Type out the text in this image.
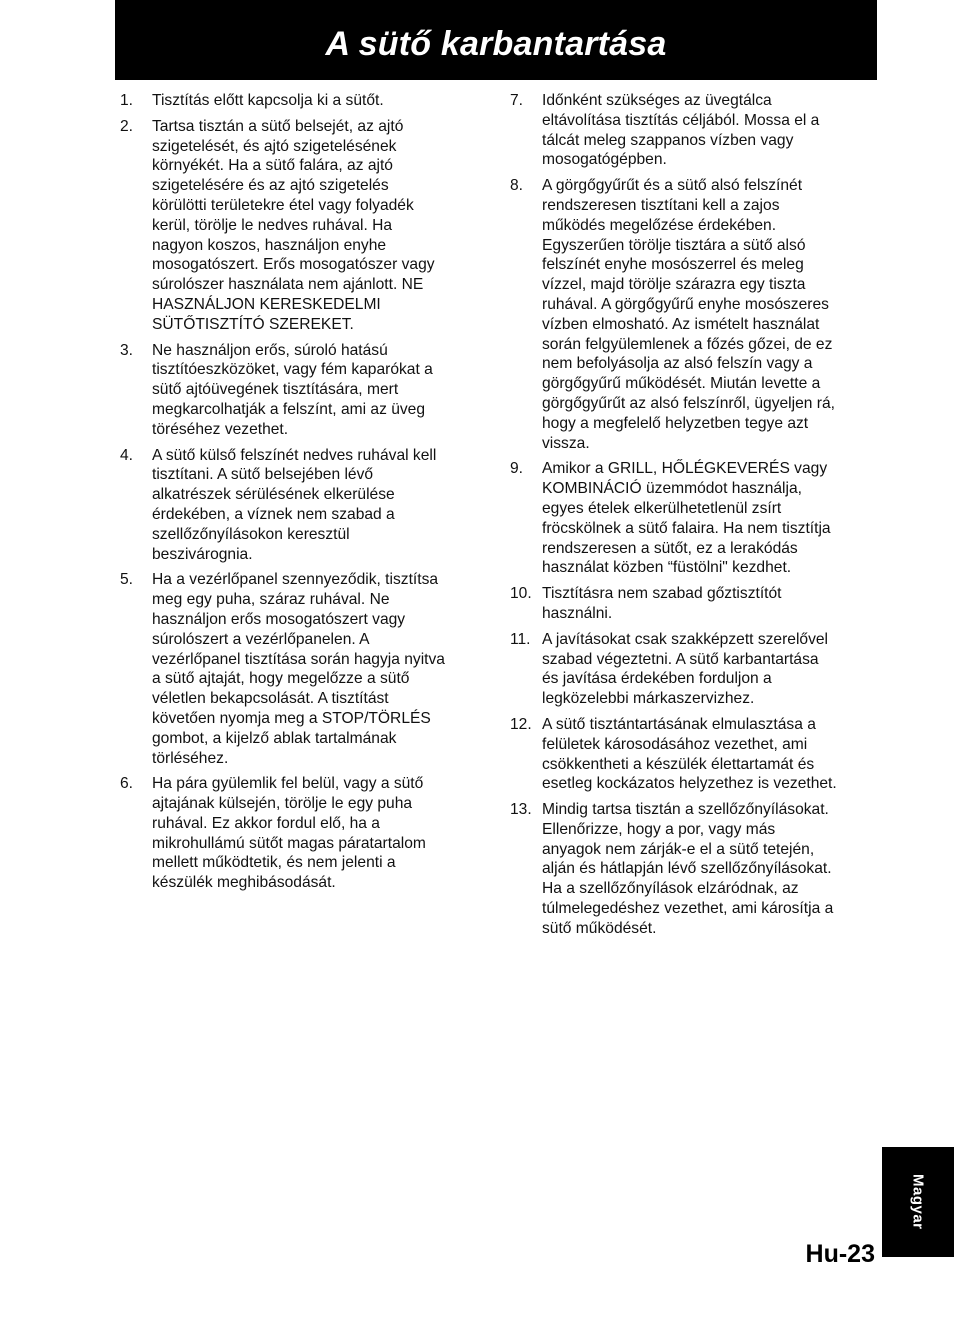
A sütő karbantartása
1.	Tisztítás előtt kapcsolja ki a sütőt.
2.	Tartsa tisztán a sütő belsejét, az ajtó
szigetelését, és ajtó szigetelésének
környékét. Ha a sütő falára, az ajtó
szigetelésére és az ajtó szigetelés
körülötti területekre étel vagy folyadék
kerül, törölje le nedves ruhával. Ha
nagyon koszos, használjon enyhe
mosogatószert. Erős mosogatószer vagy
súrolószer használata nem ajánlott. NE
HASZNÁLJON KERESKEDELMI
SÜTŐTISZTÍTÓ SZEREKET.
3.	Ne használjon erős, súroló hatású
tisztítóeszközöket, vagy fém kaparókat a
sütő ajtóüvegének tisztítására, mert
megkarcolhatják a felszínt, ami az üveg
töréséhez vezethet.
4.	A sütő külső felszínét nedves ruhával kell
tisztítani. A sütő belsejében lévő
alkatrészek sérülésének elkerülése
érdekében, a víznek nem szabad a
szellőzőnyílásokon keresztül
beszivárognia.
5.	Ha a vezérlőpanel szennyeződik, tisztítsa
meg egy puha, száraz ruhával. Ne
használjon erős mosogatószert vagy
súrolószert a vezérlőpanelen. A
vezérlőpanel tisztítása során hagyja nyitva
a sütő ajtaját, hogy megelőzze a sütő
véletlen bekapcsolását. A tisztítást
követően nyomja meg a STOP/TÖRLÉS
gombot, a kijelző ablak tartalmának
törléséhez.
6.	Ha pára gyülemlik fel belül, vagy a sütő
ajtajának külsején, törölje le egy puha
ruhával. Ez akkor fordul elő, ha a
mikrohullámú sütőt magas páratartalom
mellett működtetik, és nem jelenti a
készülék meghibásodását.
7.	Időnként szükséges az üvegtálca
eltávolítása tisztítás céljából. Mossa el a
tálcát meleg szappanos vízben vagy
mosogatógépben.
8.	A görgőgyűrűt és a sütő alsó felszínét
rendszeresen tisztítani kell a zajos
működés megelőzése érdekében.
Egyszerűen törölje tisztára a sütő alsó
felszínét enyhe mosószerrel és meleg
vízzel, majd törölje szárazra egy tiszta
ruhával. A görgőgyűrű enyhe mosószeres
vízben elmosható. Az ismételt használat
során felgyülemlenek a főzés gőzei, de ez
nem befolyásolja az alsó felszín vagy a
görgőgyűrű működését. Miután levette a
görgőgyűrűt az alsó felszínről, ügyeljen rá,
hogy a megfelelő helyzetben tegye azt
vissza.
9.	Amikor a GRILL, HŐLÉGKEVERÉS vagy
KOMBINÁCIÓ üzemmódot használja,
egyes ételek elkerülhetetlenül zsírt
fröcskölnek a sütő falaira. Ha nem tisztítja
rendszeresen a sütőt, ez a lerakódás
használat közben “füstölni" kezdhet.
10. Tisztításra nem szabad gőztisztítót
használni.
11. A javításokat csak szakképzett szerelővel
szabad végeztetni. A sütő karbantartása
és javítása érdekében forduljon a
legközelebbi márkaszervizhez.
12. A sütő tisztántartásának elmulasztása a
felületek károsodásához vezethet, ami
csökkentheti a készülék élettartamát és
esetleg kockázatos helyzethez is vezethet.
13. Mindig tartsa tisztán a szellőzőnyílásokat.
Ellenőrizze, hogy a por, vagy más
anyagok nem zárják-e el a sütő tetején,
alján és hátlapján lévő szellőzőnyílásokat.
Ha a szellőzőnyílások elzáródnak, az
túlmelegedéshez vezethet, ami károsítja a
sütő működését.
Magyar
Hu-23
